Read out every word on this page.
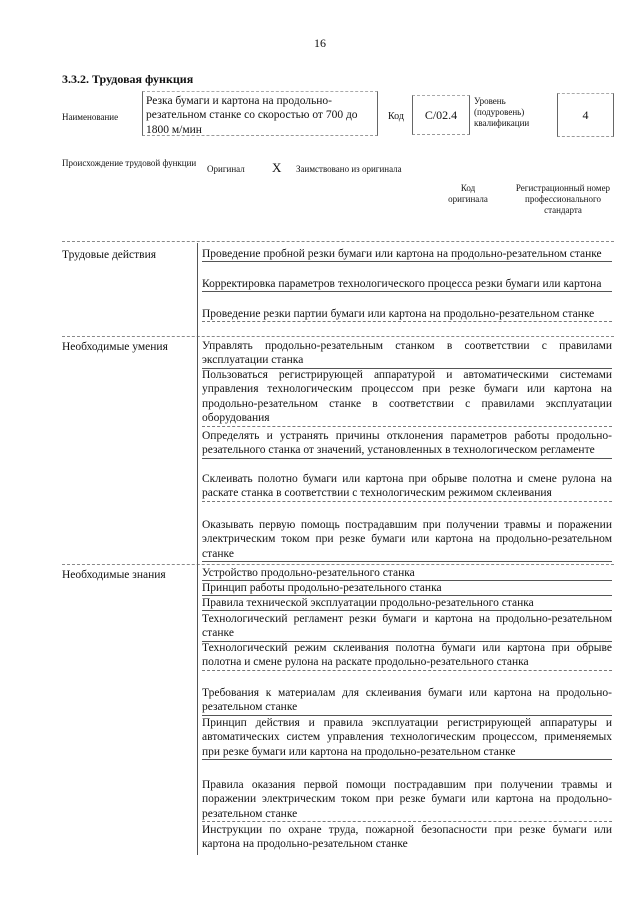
16
3.3.2. Трудовая функция
Наименование
Резка бумаги и картона на продольно-резательном станке со скоростью от 700 до 1800 м/мин
Код	C/02.4
Уровень (подуровень) квалификации
4
Происхождение трудовой функции
Оригинал X Заимствовано из оригинала
Код оригинала
Регистрационный номер профессионального стандарта
Трудовые действия	Проведение пробной резки бумаги или картона на продольно-резательном станке
Корректировка параметров технологического процесса резки бумаги или картона
Проведение резки партии бумаги или картона на продольно-резательном станке
Необходимые умения	Управлять продольно-резательным станком в соответствии с правилами эксплуатации станка
Пользоваться регистрирующей аппаратурой и автоматическими системами управления технологическим процессом при резке бумаги или картона на продольно-резательном станке в соответствии с правилами эксплуатации оборудования
Определять и устранять причины отклонения параметров работы продольно-резательного станка от значений, установленных в технологическом регламенте
Склеивать полотно бумаги или картона при обрыве полотна и смене рулона на раскате станка в соответствии с технологическим режимом склеивания
Оказывать первую помощь пострадавшим при получении травмы и поражении электрическим током при резке бумаги или картона на продольно-резательном станке
Необходимые знания	Устройство продольно-резательного станка
Принцип работы продольно-резательного станка
Правила технической эксплуатации продольно-резательного станка
Технологический регламент резки бумаги и картона на продольно-резательном станке
Технологический режим склеивания полотна бумаги или картона при обрыве полотна и смене рулона на раскате продольно-резательного станка
Требования к материалам для склеивания бумаги или картона на продольно-резательном станке
Принцип действия и правила эксплуатации регистрирующей аппаратуры и автоматических систем управления технологическим процессом, применяемых при резке бумаги или картона на продольно-резательном станке
Правила оказания первой помощи пострадавшим при получении травмы и поражении электрическим током при резке бумаги или картона на продольно-резательном станке
Инструкции по охране труда, пожарной безопасности при резке бумаги или картона на продольно-резательном станке
